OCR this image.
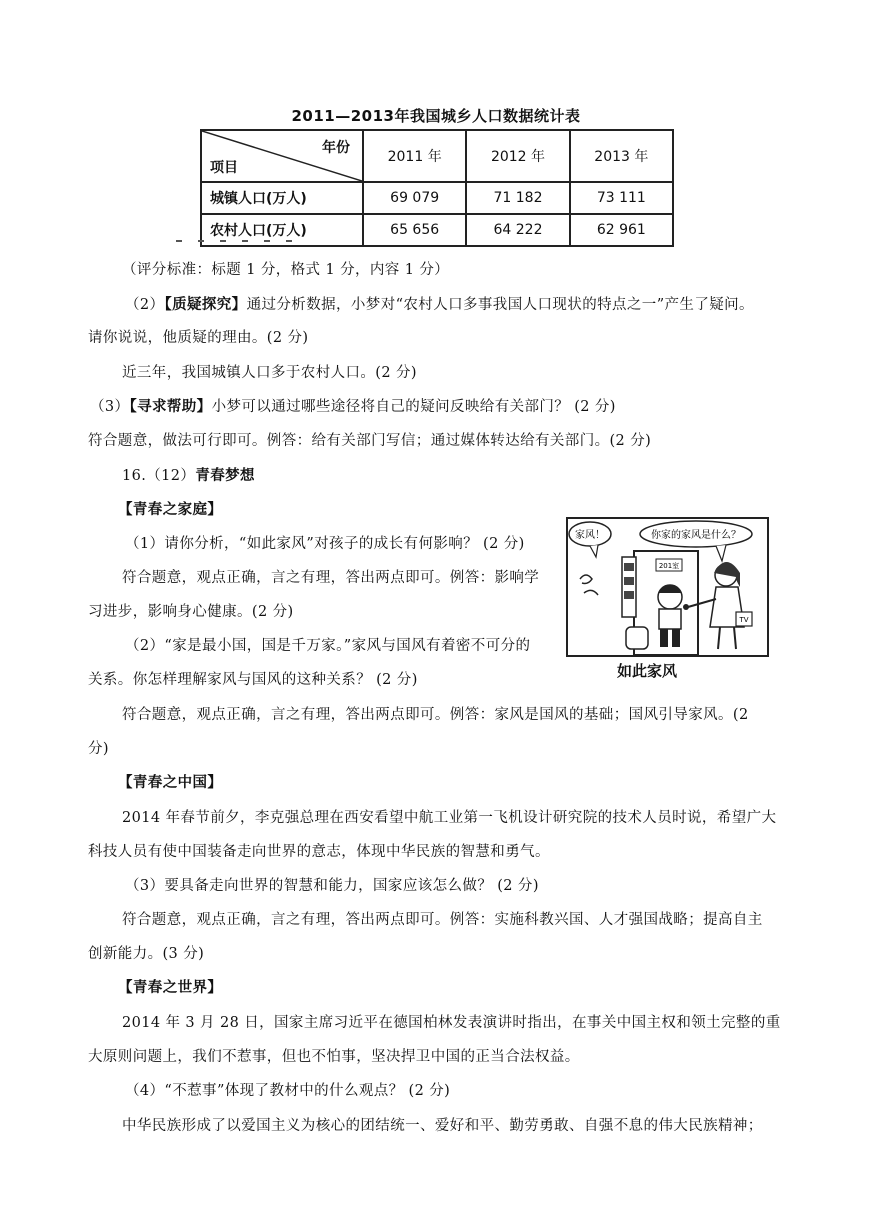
2011—2013年我国城乡人口数据统计表
年份
项目	2011 年	2012 年	2013 年
城镇人口(万人)	69 079	71 182	73 111
农村人口(万人)	65 656	64 222	62 961
（评分标准：标题 1 分，格式 1 分，内容 1 分）
（2）【质疑探究】通过分析数据，小梦对“农村人口多事我国人口现状的特点之一”产生了疑问。
请你说说，他质疑的理由。(2 分)
近三年，我国城镇人口多于农村人口。(2 分)
（3）【寻求帮助】小梦可以通过哪些途径将自己的疑问反映给有关部门？ (2 分)
符合题意，做法可行即可。例答：给有关部门写信；通过媒体转达给有关部门。(2 分)
16.（12）青春梦想
【青春之家庭】
（1）请你分析，“如此家风”对孩子的成长有何影响？ (2 分)
符合题意，观点正确，言之有理，答出两点即可。例答：影响学
习进步，影响身心健康。(2 分)
（2）“家是最小国，国是千万家。”家风与国风有着密不可分的
关系。你怎样理解家风与国风的这种关系？ (2 分)
符合题意，观点正确，言之有理，答出两点即可。例答：家风是国风的基础；国风引导家风。(2
分)
【青春之中国】
2014 年春节前夕，李克强总理在西安看望中航工业第一飞机设计研究院的技术人员时说，希望广大
科技人员有使中国装备走向世界的意志，体现中华民族的智慧和勇气。
（3）要具备走向世界的智慧和能力，国家应该怎么做？ (2 分)
符合题意，观点正确，言之有理，答出两点即可。例答：实施科教兴国、人才强国战略；提高自主
创新能力。(3 分)
【青春之世界】
2014 年 3 月 28 日，国家主席习近平在德国柏林发表演讲时指出，在事关中国主权和领土完整的重
大原则问题上，我们不惹事，但也不怕事，坚决捍卫中国的正当合法权益。
（4）“不惹事”体现了教材中的什么观点？ (2 分)
中华民族形成了以爱国主义为核心的团结统一、爱好和平、勤劳勇敢、自强不息的伟大民族精神；
家风！	你家的家风是什么？
201室
TV
如此家风
